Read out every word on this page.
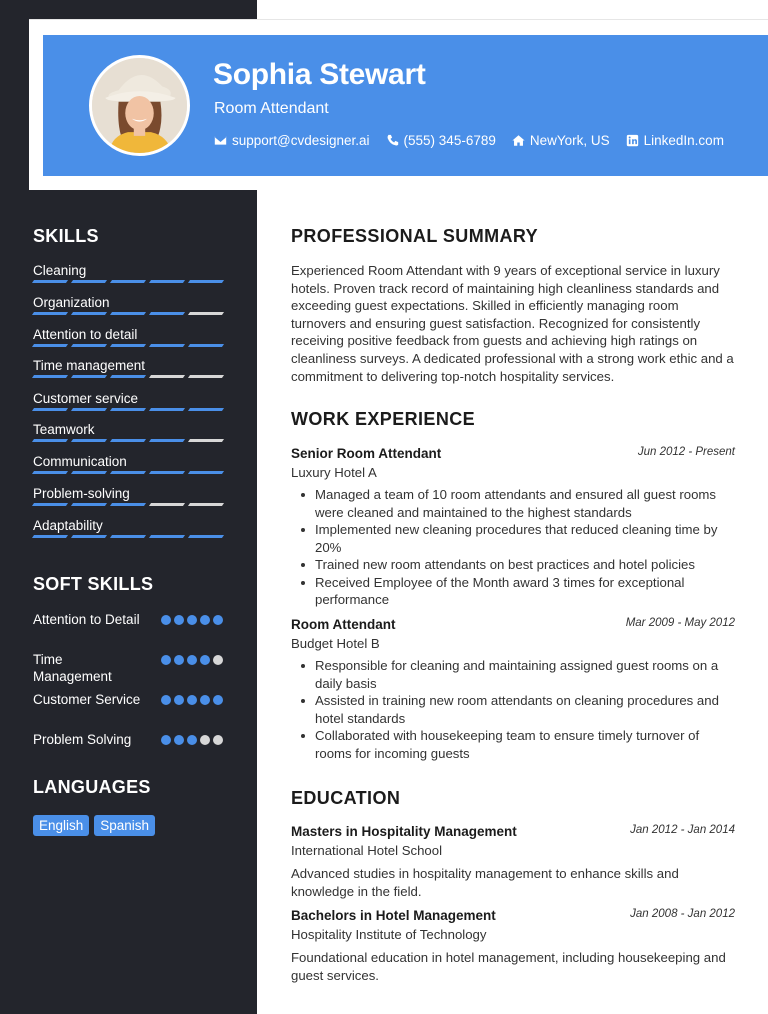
Sophia Stewart
Room Attendant
support@cvdesigner.ai	(555) 345-6789	NewYork, US	LinkedIn.com
SKILLS
Cleaning
Organization
Attention to detail
Time management
Customer service
Teamwork
Communication
Problem-solving
Adaptability
SOFT SKILLS
Attention to Detail
Time Management
Customer Service
Problem Solving
LANGUAGES
English	Spanish
PROFESSIONAL SUMMARY
Experienced Room Attendant with 9 years of exceptional service in luxury hotels. Proven track record of maintaining high cleanliness standards and exceeding guest expectations. Skilled in efficiently managing room turnovers and ensuring guest satisfaction. Recognized for consistently receiving positive feedback from guests and achieving high ratings on cleanliness surveys. A dedicated professional with a strong work ethic and a commitment to delivering top-notch hospitality services.
WORK EXPERIENCE
Senior Room Attendant	Jun 2012 - Present
Luxury Hotel A
Managed a team of 10 room attendants and ensured all guest rooms were cleaned and maintained to the highest standards
Implemented new cleaning procedures that reduced cleaning time by 20%
Trained new room attendants on best practices and hotel policies
Received Employee of the Month award 3 times for exceptional performance
Room Attendant	Mar 2009 - May 2012
Budget Hotel B
Responsible for cleaning and maintaining assigned guest rooms on a daily basis
Assisted in training new room attendants on cleaning procedures and hotel standards
Collaborated with housekeeping team to ensure timely turnover of rooms for incoming guests
EDUCATION
Masters in Hospitality Management	Jan 2012 - Jan 2014
International Hotel School
Advanced studies in hospitality management to enhance skills and knowledge in the field.
Bachelors in Hotel Management	Jan 2008 - Jan 2012
Hospitality Institute of Technology
Foundational education in hotel management, including housekeeping and guest services.
